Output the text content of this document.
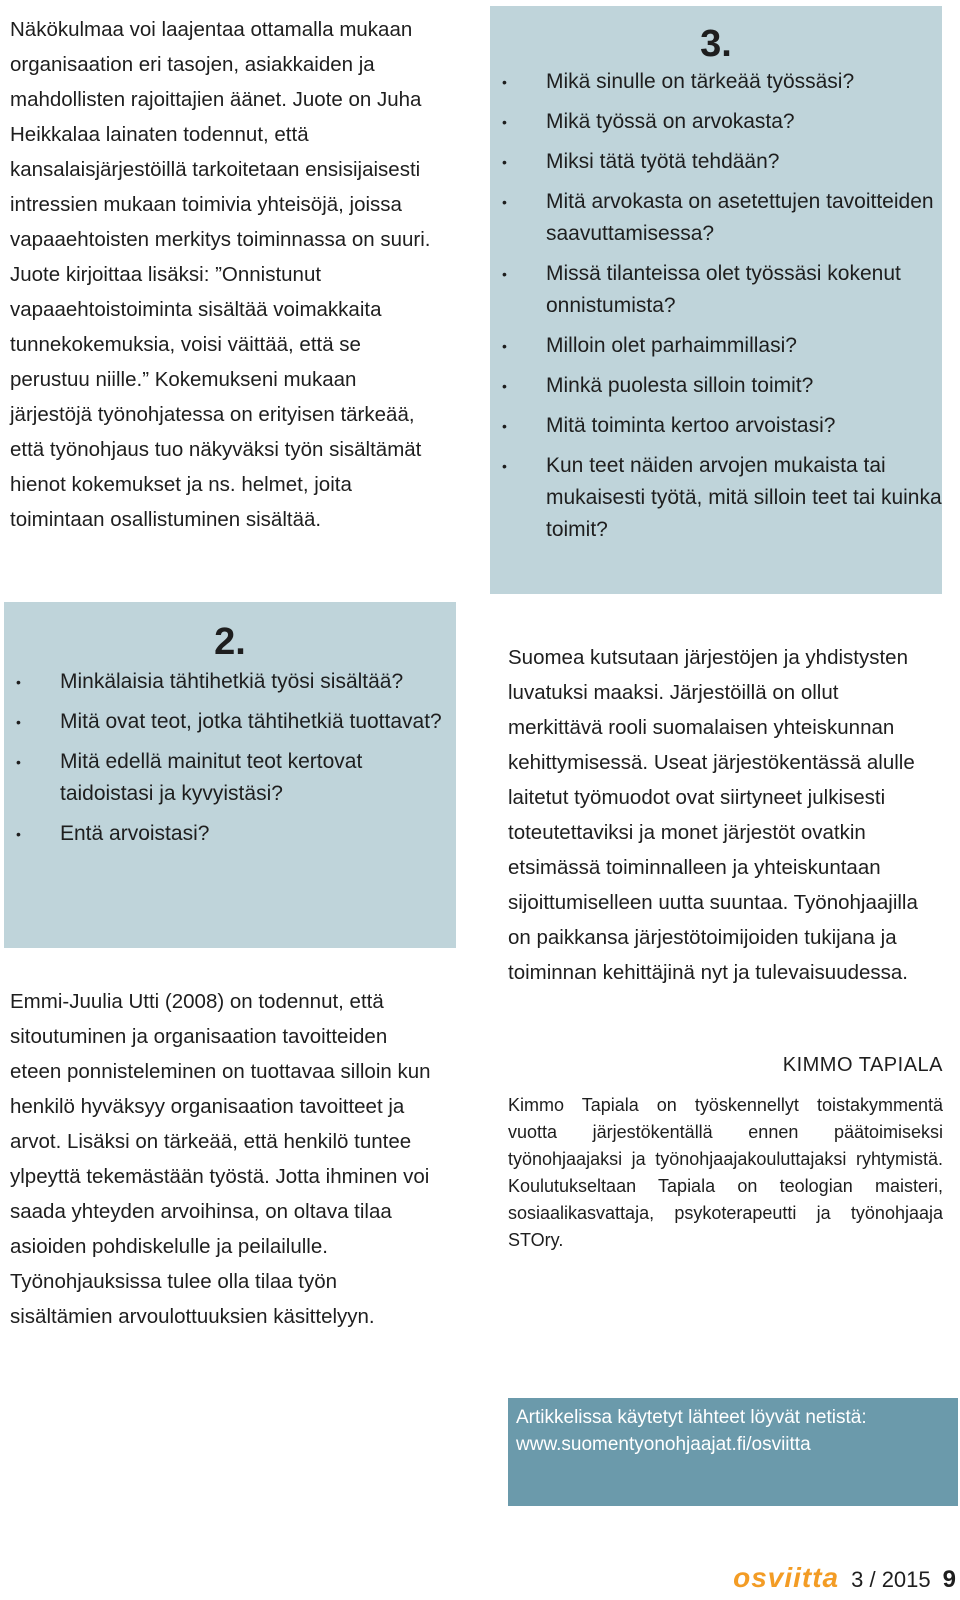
Näkökulmaa voi laajentaa ottamalla mukaan organisaation eri tasojen, asiakkaiden ja mahdollisten rajoittajien äänet. Juote on Juha Heikkalaa lainaten todennut, että kansalaisjärjestöillä tarkoitetaan ensisijaisesti intressien mukaan toimivia yhteisöjä, joissa vapaaehtoisten merkitys toiminnassa on suuri. Juote kirjoittaa lisäksi: ”Onnistunut vapaaehtoistoiminta sisältää voimakkaita tunnekokemuksia, voisi väittää, että se perustuu niille.” Kokemukseni mukaan järjestöjä työnohjatessa on erityisen tärkeää, että työnohjaus tuo näkyväksi työn sisältämät hienot kokemukset ja ns. helmet, joita toimintaan osallistuminen sisältää.

3.

• Mikä sinulle on tärkeää työssäsi?
• Mikä työssä on arvokasta?
• Miksi tätä työtä tehdään?
• Mitä arvokasta on asetettujen tavoitteiden saavuttamisessa?
• Missä tilanteissa olet työssäsi kokenut onnistumista?
• Milloin olet parhaimmillasi?
• Minkä puolesta silloin toimit?
• Mitä toiminta kertoo arvoistasi?
• Kun teet näiden arvojen mukaista tai mukaisesti työtä, mitä silloin teet tai kuinka toimit?

2.

• Minkälaisia tähtihetkiä työsi sisältää?
• Mitä ovat teot, jotka tähtihetkiä tuottavat?
• Mitä edellä mainitut teot kertovat taidoistasi ja kyvyistäsi?
• Entä arvoistasi?

Emmi-Juulia Utti (2008) on todennut, että sitoutuminen ja organisaation tavoitteiden eteen ponnisteleminen on tuottavaa silloin kun henkilö hyväksyy organisaation tavoitteet ja arvot. Lisäksi on tärkeää, että henkilö tuntee ylpeyttä tekemästään työstä. Jotta ihminen voi saada yhteyden arvoihinsa, on oltava tilaa asioiden pohdiskelulle ja peilailulle. Työnohjauksissa tulee olla tilaa työn sisältämien arvoulottuuksien käsittelyyn.

Suomea kutsutaan järjestöjen ja yhdistysten luvatuksi maaksi. Järjestöillä on ollut merkittävä rooli suomalaisen yhteiskunnan kehittymisessä. Useat järjestökentässä alulle laitetut työmuodot ovat siirtyneet julkisesti toteutettaviksi ja monet järjestöt ovatkin etsimässä toiminnalleen ja yhteiskuntaan sijoittumiselleen uutta suuntaa. Työnohjaajilla on paikkansa järjestötoimijoiden tukijana ja toiminnan kehittäjinä nyt ja tulevaisuudessa.

KIMMO TAPIALA

Kimmo Tapiala on työskennellyt toistakymmentä vuotta järjestökentällä ennen päätoimiseksi työnohjaajaksi ja työnohjaajakouluttajaksi ryhtymistä. Koulutukseltaan Tapiala on teologian maisteri, sosiaalikasvattaja, psykoterapeutti ja työnohjaaja STOry.

Artikkelissa käytetyt lähteet löyvät netistä:
www.suomentyonohjaajat.fi/osviitta
osviitta 3 / 2015 9
